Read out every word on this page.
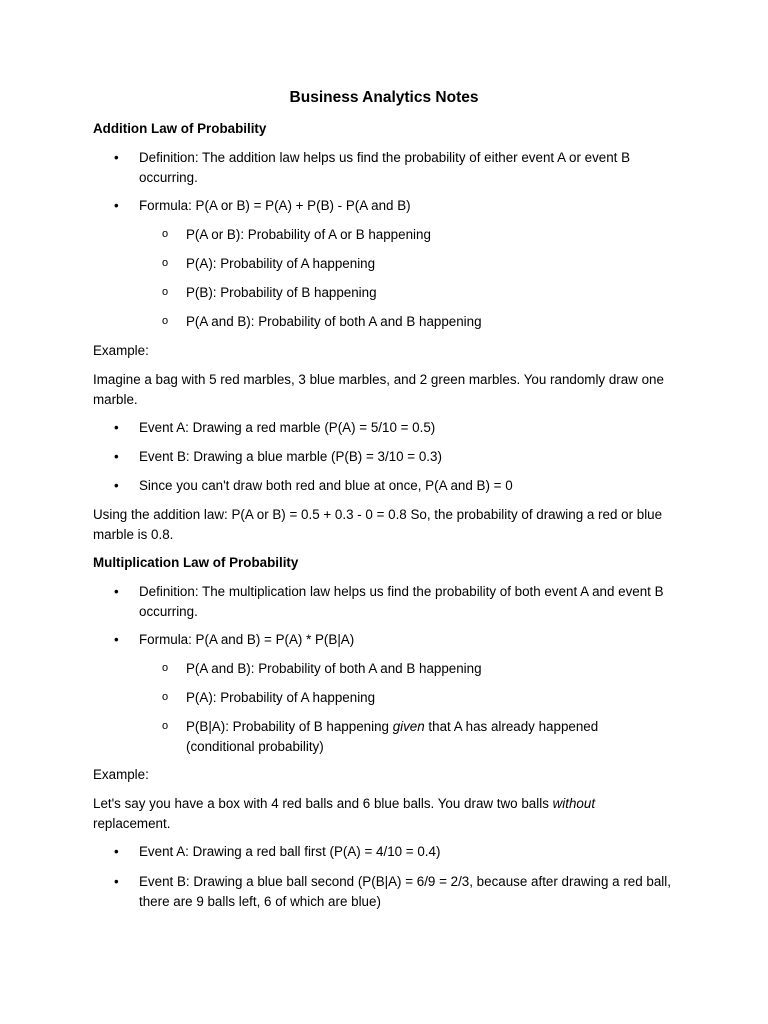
Business Analytics Notes

Addition Law of Probability

• Definition: The addition law helps us find the probability of either event A or event B occurring.

• Formula: P(A or B) = P(A) + P(B) - P(A and B)

o P(A or B): Probability of A or B happening

o P(A): Probability of A happening

o P(B): Probability of B happening

o P(A and B): Probability of both A and B happening

Example:

Imagine a bag with 5 red marbles, 3 blue marbles, and 2 green marbles. You randomly draw one marble.

• Event A: Drawing a red marble (P(A) = 5/10 = 0.5)

• Event B: Drawing a blue marble (P(B) = 3/10 = 0.3)

• Since you can't draw both red and blue at once, P(A and B) = 0

Using the addition law: P(A or B) = 0.5 + 0.3 - 0 = 0.8 So, the probability of drawing a red or blue marble is 0.8.

Multiplication Law of Probability

• Definition: The multiplication law helps us find the probability of both event A and event B occurring.

• Formula: P(A and B) = P(A) * P(B|A)

o P(A and B): Probability of both A and B happening

o P(A): Probability of A happening

o P(B|A): Probability of B happening given that A has already happened (conditional probability)

Example:

Let's say you have a box with 4 red balls and 6 blue balls. You draw two balls without replacement.

• Event A: Drawing a red ball first (P(A) = 4/10 = 0.4)

• Event B: Drawing a blue ball second (P(B|A) = 6/9 = 2/3, because after drawing a red ball, there are 9 balls left, 6 of which are blue)
